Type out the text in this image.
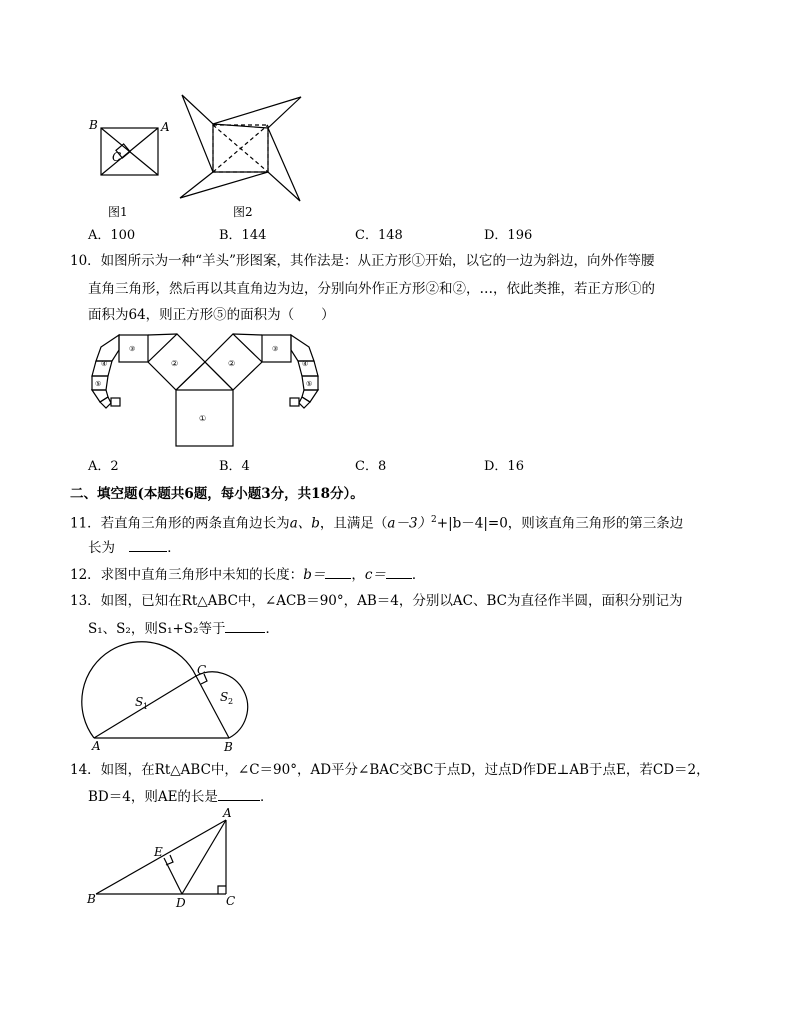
B	A
C
图1	图2
A．100	B．144	C．148	D．196
10．如图所示为一种“羊头”形图案，其作法是：从正方形①开始，以它的一边为斜边，向外作等腰
直角三角形，然后再以其直角边为边，分别向外作正方形②和②，…，依此类推，若正方形①的
面积为64，则正方形⑤的面积为（　　）
①
②	②
③	③
④	④
⑤	⑤
A．2	B．4	C．8	D．16
二、填空题(本题共6题，每小题3分，共18分）。
11．若直角三角形的两条直角边长为a、b，且满足$(a-3)^2+|b-4|=0$，则该直角三角形的第三条边
长为	．
12．求图中直角三角形中未知的长度：b＝ ，c＝ ．
13．如图，已知在Rt△ABC中，∠ACB＝90°，AB＝4，分别以AC、BC为直径作半圆，面积分别记为
S₁、S₂，则S₁+S₂等于	．
C
A	B
S 1
S 2
14．如图，在Rt△ABC中，∠C＝90°，AD平分∠BAC交BC于点D，过点D作DE⊥AB于点E，若CD＝2，
BD＝4，则AE的长是	．
A
B	C
D
E
